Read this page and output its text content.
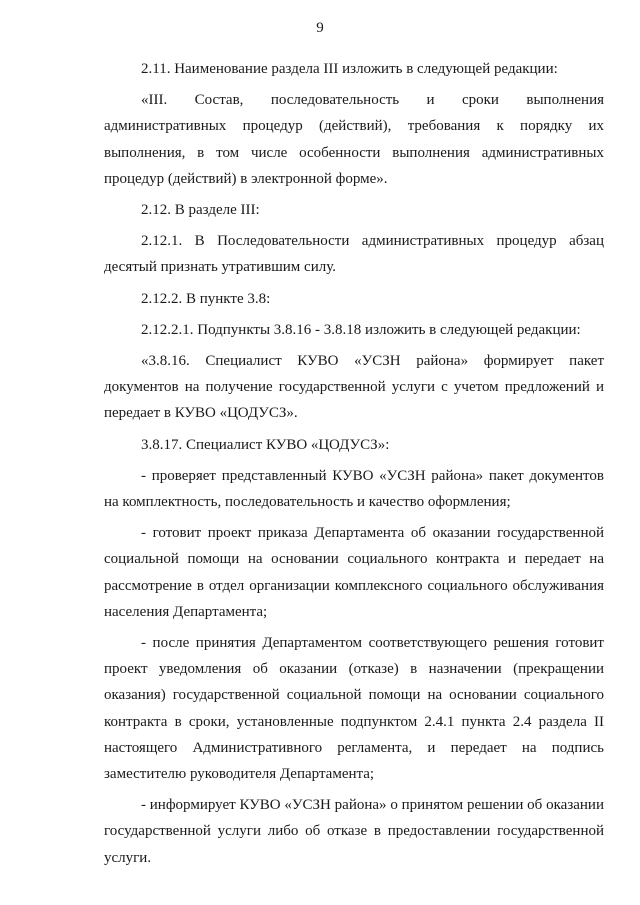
9

2.11. Наименование раздела III изложить в следующей редакции:

«III. Состав, последовательность и сроки выполнения административных процедур (действий), требования к порядку их выполнения, в том числе особенности выполнения административных процедур (действий) в электронной форме».

2.12. В разделе III:

2.12.1. В Последовательности административных процедур абзац десятый признать утратившим силу.

2.12.2. В пункте 3.8:

2.12.2.1. Подпункты 3.8.16 - 3.8.18 изложить в следующей редакции:

«3.8.16. Специалист КУВО «УСЗН района» формирует пакет документов на получение государственной услуги с учетом предложений и передает в КУВО «ЦОДУСЗ».

3.8.17. Специалист КУВО «ЦОДУСЗ»:

- проверяет представленный КУВО «УСЗН района» пакет документов на комплектность, последовательность и качество оформления;

- готовит проект приказа Департамента об оказании государственной социальной помощи на основании социального контракта и передает на рассмотрение в отдел организации комплексного социального обслуживания населения Департамента;

- после принятия Департаментом соответствующего решения готовит проект уведомления об оказании (отказе) в назначении (прекращении оказания) государственной социальной помощи на основании социального контракта в сроки, установленные подпунктом 2.4.1 пункта 2.4 раздела II настоящего Административного регламента, и передает на подпись заместителю руководителя Департамента;

- информирует КУВО «УСЗН района» о принятом решении об оказании государственной услуги либо об отказе в предоставлении государственной услуги.
